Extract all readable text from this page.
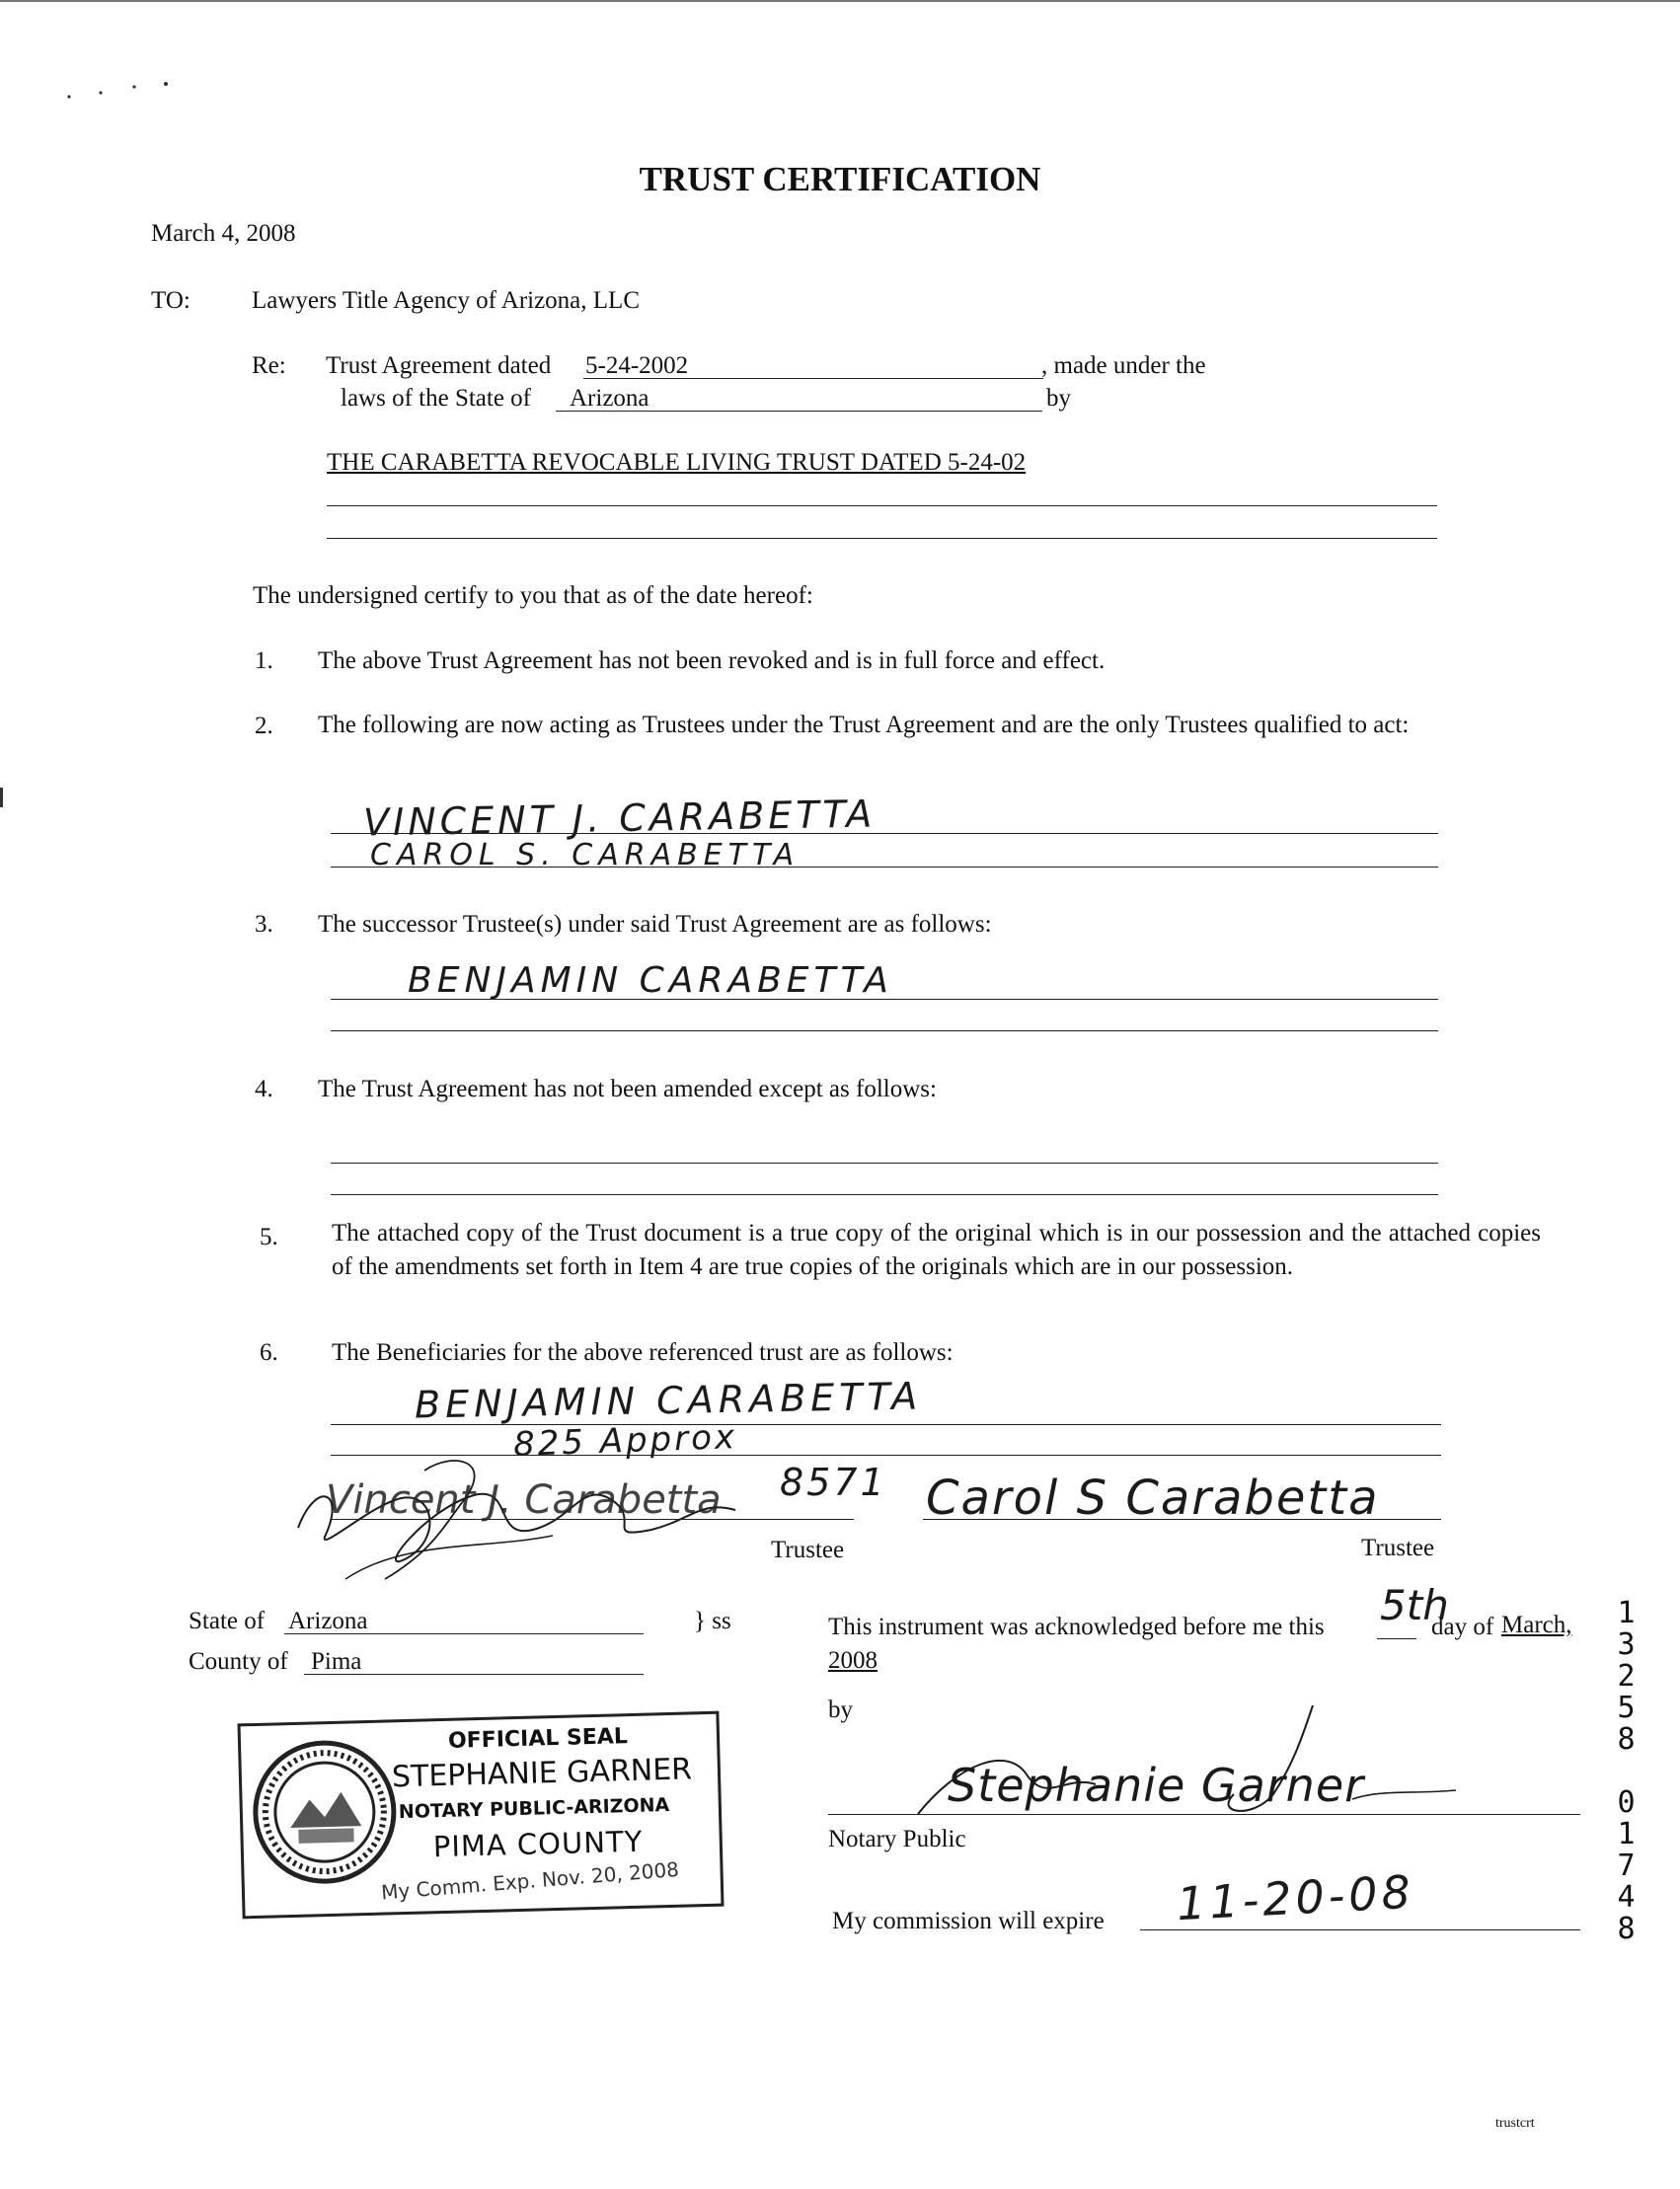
TRUST CERTIFICATION
March 4, 2008
TO: Lawyers Title Agency of Arizona, LLC
Re: Trust Agreement dated 5-24-2002	, made under the
laws of the State of Arizona	by
THE CARABETTA REVOCABLE LIVING TRUST DATED 5-24-02
The undersigned certify to you that as of the date hereof:
1. The above Trust Agreement has not been revoked and is in full force and effect.
2. The following are now acting as Trustees under the Trust Agreement and are the only Trustees qualified to act:
VINCENT J. CARABETTA
CAROL S. CARABETTA
3. The successor Trustee(s) under said Trust Agreement are as follows:
BENJAMIN CARABETTA
4. The Trust Agreement has not been amended except as follows:
5. The attached copy of the Trust document is a true copy of the original which is in our possession and the attached copies of the amendments set forth in Item 4 are true copies of the originals which are in our possession.
6. The Beneficiaries for the above referenced trust are as follows:
BENJAMIN CARABETTA
825 Approx
8571
Vincent J. Carabetta	Carol S Carabetta
Trustee	Trustee
State of Arizona	} ss
County of Pima
This instrument was acknowledged before me this 5th
day of March,
2008
by
Stephanie Garner
Notary Public
My commission will expire 11-20-08
OFFICIAL SEAL
STEPHANIE GARNER
NOTARY PUBLIC-ARIZONA
PIMA COUNTY
My Comm. Exp. Nov. 20, 2008	13258 01748
trustcrt
